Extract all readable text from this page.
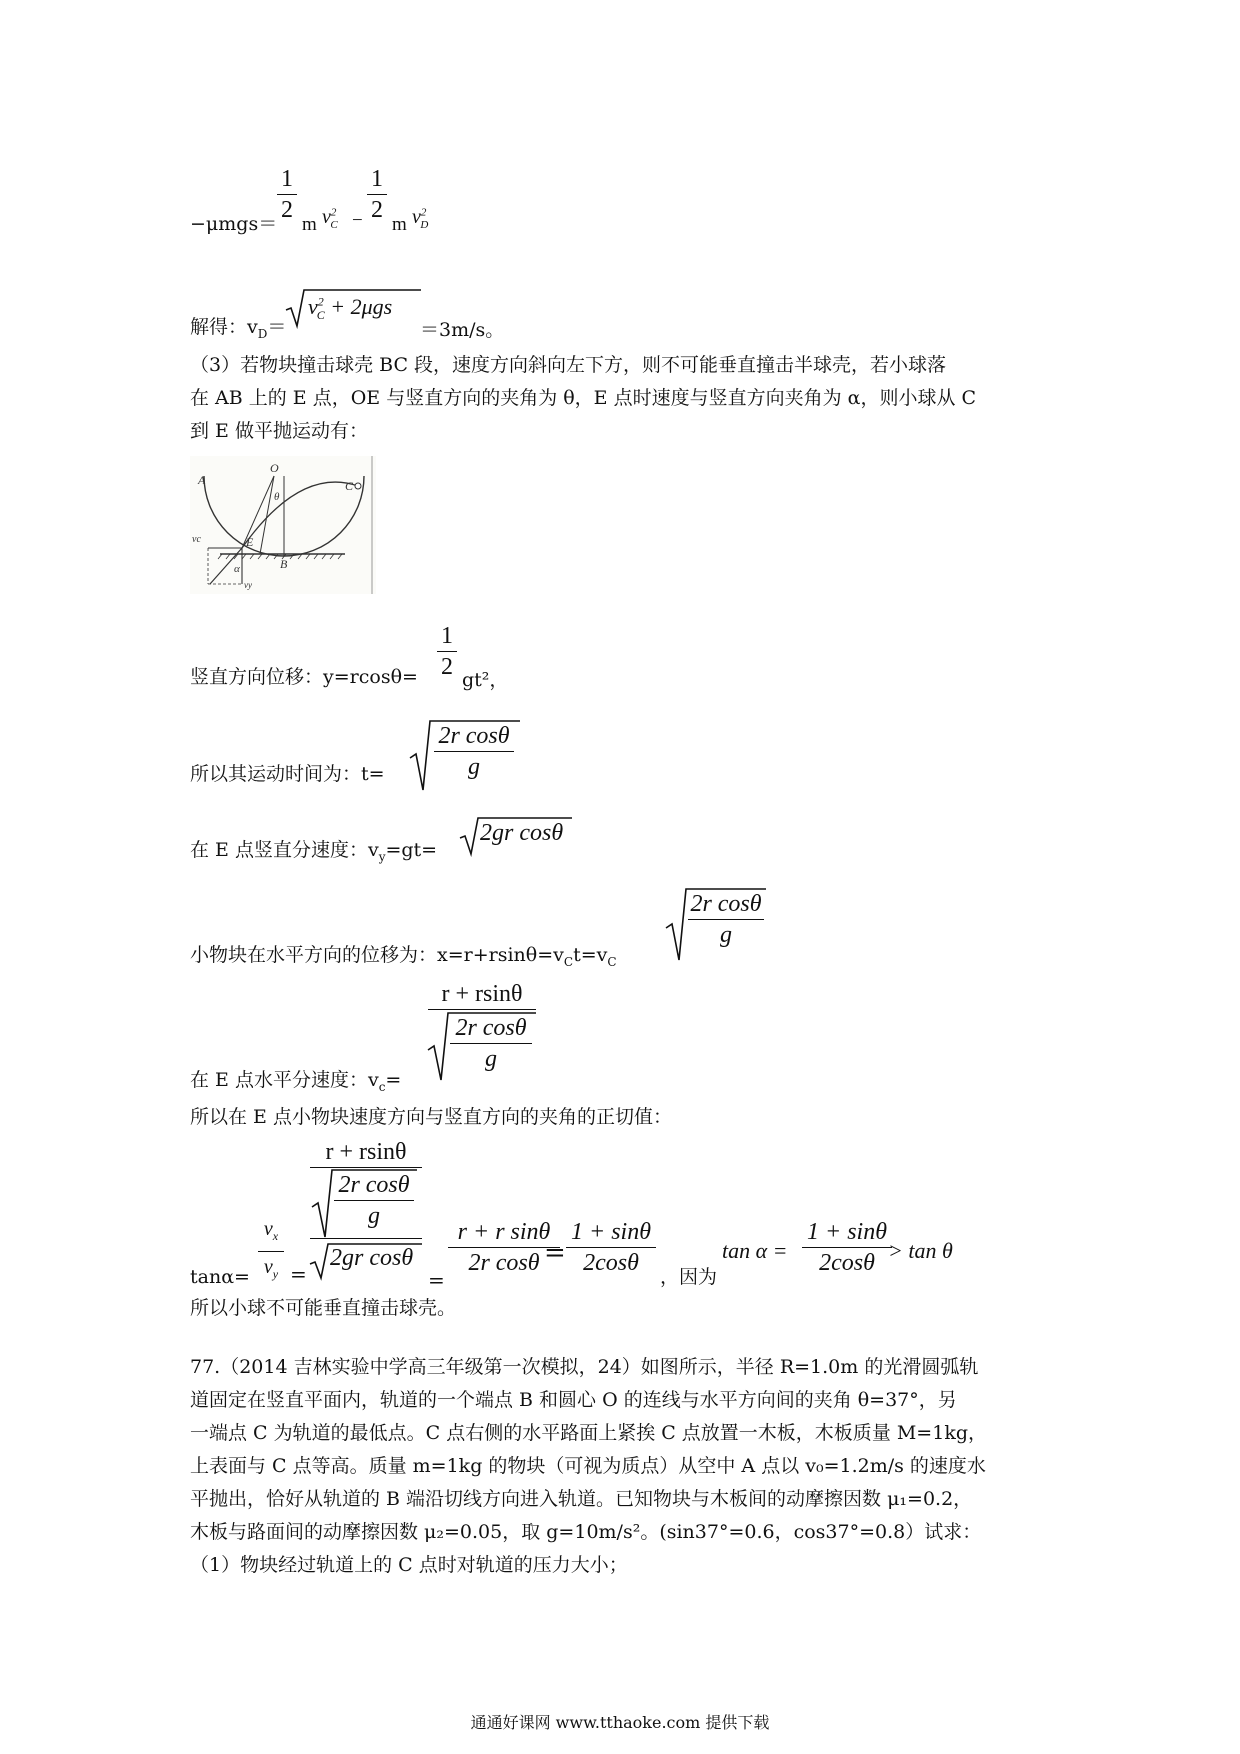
−μmgs＝
1
2
m $v^2_C$ −
1
2
m $v^2_D$
解得：$v_D=$
$v^2_C + 2\mu gs$
＝3m/s。
（3）若物块撞击球壳 BC 段，速度方向斜向左下方，则不可能垂直撞击半球壳，若小球落
在 AB 上的 E 点，OE 与竖直方向的夹角为 θ，E 点时速度与竖直方向夹角为 α，则小球从 C
到 E 做平抛运动有：
A
O
C
E
B
θ
α
vc
vy
竖直方向位移：y=rcosθ=
1
2 gt²，
所以其运动时间为：t=
2r cosθ
g
在 E 点竖直分速度：$v_y=gt=$
2gr cosθ
小物块在水平方向的位移为：$x=r+rsin\theta=v_Ct=v_C$
2r cosθ
g
在 E 点水平分速度：$v_c=$
r + rsinθ
2r cosθ
g
所以在 E 点小物块速度方向与竖直方向的夹角的正切值：
tanα=
$v_x$
$v_y$ =
r + rsinθ
2r cosθ
g
2gr cosθ
=
r + r sinθ
2r cosθ =
1 + sinθ
2cosθ
，因为
tan α =
1 + sinθ
2cosθ > tan θ
所以小球不可能垂直撞击球壳。
77.（2014 吉林实验中学高三年级第一次模拟，24）如图所示，半径 R=1.0m 的光滑圆弧轨
道固定在竖直平面内，轨道的一个端点 B 和圆心 O 的连线与水平方向间的夹角 θ=37°，另
一端点 C 为轨道的最低点。C 点右侧的水平路面上紧挨 C 点放置一木板，木板质量 M=1kg，
上表面与 C 点等高。质量 m=1kg 的物块（可视为质点）从空中 A 点以 v₀=1.2m/s 的速度水
平抛出，恰好从轨道的 B 端沿切线方向进入轨道。已知物块与木板间的动摩擦因数 μ₁=0.2，
木板与路面间的动摩擦因数 μ₂=0.05，取 g=10m/s²。(sin37°=0.6，cos37°=0.8）试求：
（1）物块经过轨道上的 C 点时对轨道的压力大小；
通通好课网 www.tthaoke.com 提供下载
